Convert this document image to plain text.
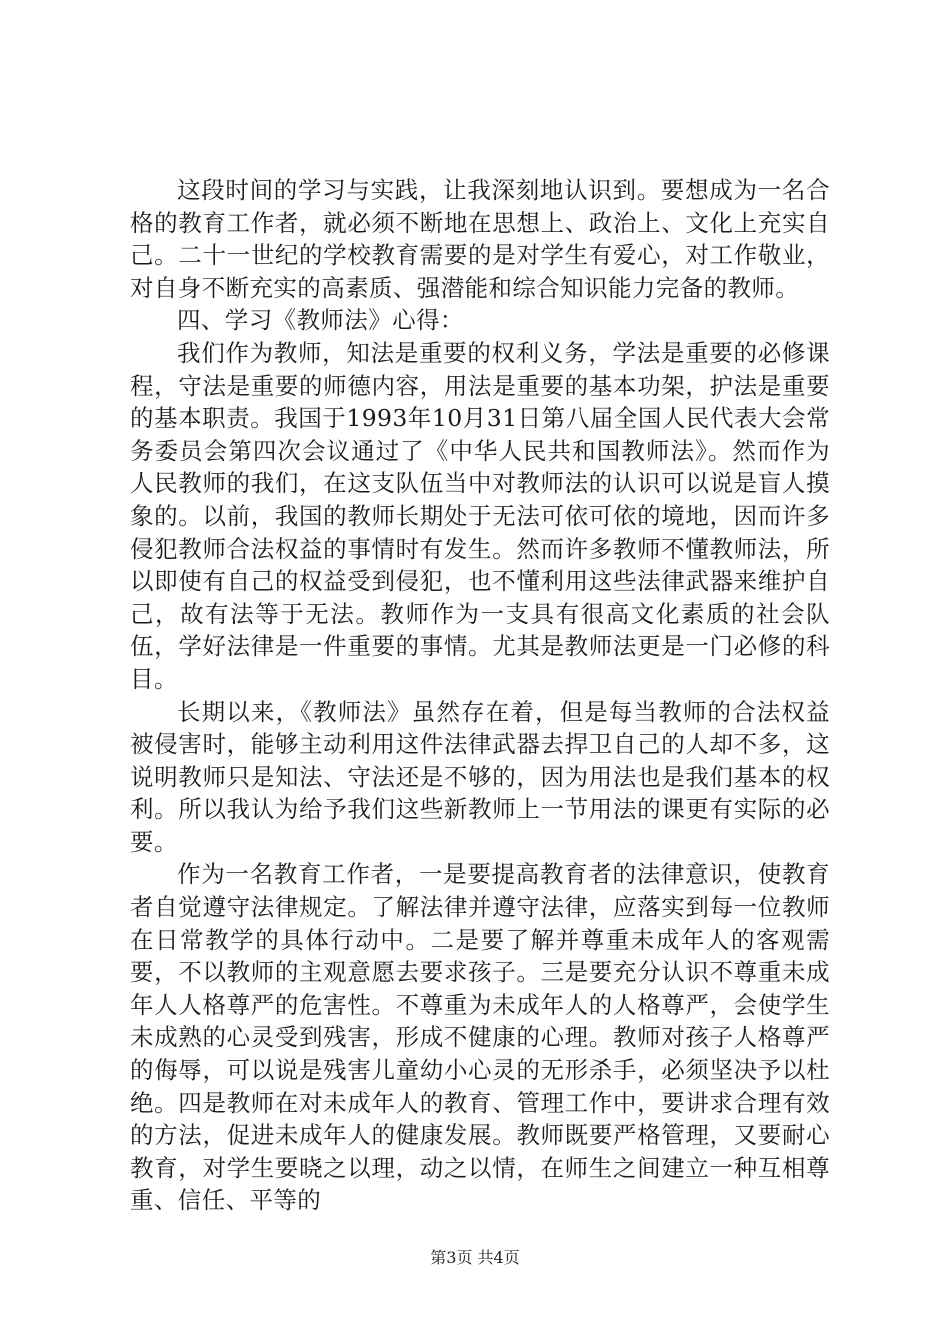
这段时间的学习与实践，让我深刻地认识到。要想成为一名合格的教育工作者，就必须不断地在思想上、政治上、文化上充实自己。二十一世纪的学校教育需要的是对学生有爱心，对工作敬业，对自身不断充实的高素质、强潜能和综合知识能力完备的教师。

四、学习《教师法》心得：

我们作为教师，知法是重要的权利义务，学法是重要的必修课程，守法是重要的师德内容，用法是重要的基本功架，护法是重要的基本职责。我国于1993年10月31日第八届全国人民代表大会常务委员会第四次会议通过了《中华人民共和国教师法》。然而作为人民教师的我们，在这支队伍当中对教师法的认识可以说是盲人摸象的。以前，我国的教师长期处于无法可依可依的境地，因而许多侵犯教师合法权益的事情时有发生。然而许多教师不懂教师法，所以即使有自己的权益受到侵犯，也不懂利用这些法律武器来维护自己，故有法等于无法。教师作为一支具有很高文化素质的社会队伍，学好法律是一件重要的事情。尤其是教师法更是一门必修的科目。

长期以来，《教师法》虽然存在着，但是每当教师的合法权益被侵害时，能够主动利用这件法律武器去捍卫自己的人却不多，这说明教师只是知法、守法还是不够的，因为用法也是我们基本的权利。所以我认为给予我们这些新教师上一节用法的课更有实际的必要。

作为一名教育工作者，一是要提高教育者的法律意识，使教育者自觉遵守法律规定。了解法律并遵守法律，应落实到每一位教师在日常教学的具体行动中。二是要了解并尊重未成年人的客观需要，不以教师的主观意愿去要求孩子。三是要充分认识不尊重未成年人人格尊严的危害性。不尊重为未成年人的人格尊严，会使学生未成熟的心灵受到残害，形成不健康的心理。教师对孩子人格尊严的侮辱，可以说是残害儿童幼小心灵的无形杀手，必须坚决予以杜绝。四是教师在对未成年人的教育、管理工作中，要讲求合理有效的方法，促进未成年人的健康发展。教师既要严格管理，又要耐心教育，对学生要晓之以理，动之以情，在师生之间建立一种互相尊重、信任、平等的

第3页 共4页
